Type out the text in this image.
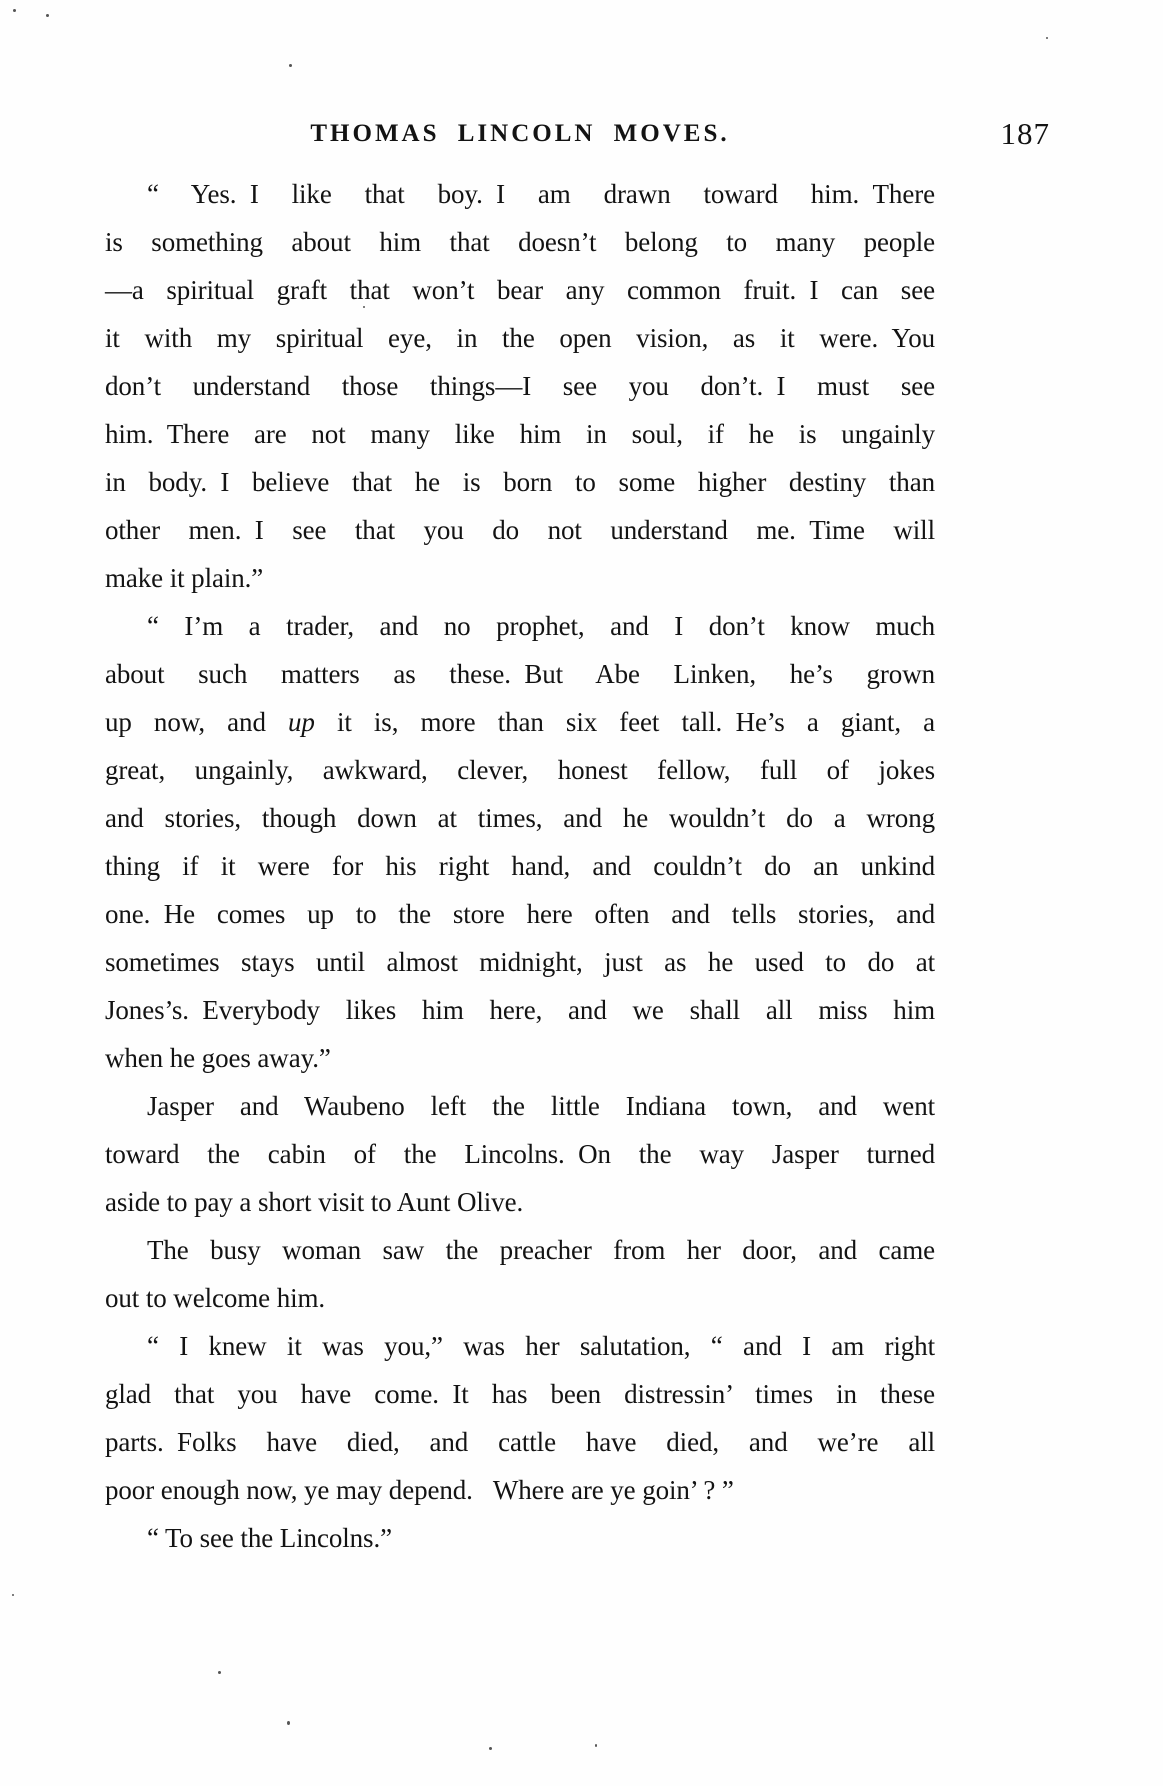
THOMAS LINCOLN MOVES.	187
“ Yes. I like that boy. I am drawn toward him. There
is something about him that doesn’t belong to many people
—a spiritual graft that won’t bear any common fruit. I can see
it with my spiritual eye, in the open vision, as it were. You
don’t understand those things—I see you don’t. I must see
him. There are not many like him in soul, if he is ungainly
in body. I believe that he is born to some higher destiny than
other men. I see that you do not understand me. Time will
make it plain.”
“ I’m a trader, and no prophet, and I don’t know much
about such matters as these. But Abe Linken, he’s grown
up now, and up it is, more than six feet tall. He’s a giant, a
great, ungainly, awkward, clever, honest fellow, full of jokes
and stories, though down at times, and he wouldn’t do a wrong
thing if it were for his right hand, and couldn’t do an unkind
one. He comes up to the store here often and tells stories, and
sometimes stays until almost midnight, just as he used to do at
Jones’s. Everybody likes him here, and we shall all miss him
when he goes away.”
Jasper and Waubeno left the little Indiana town, and went
toward the cabin of the Lincolns. On the way Jasper turned
aside to pay a short visit to Aunt Olive.
The busy woman saw the preacher from her door, and came
out to welcome him.
“ I knew it was you,” was her salutation, “ and I am right
glad that you have come. It has been distressin’ times in these
parts. Folks have died, and cattle have died, and we’re all
poor enough now, ye may depend.  Where are ye goin’ ? ”
“ To see the Lincolns.”
